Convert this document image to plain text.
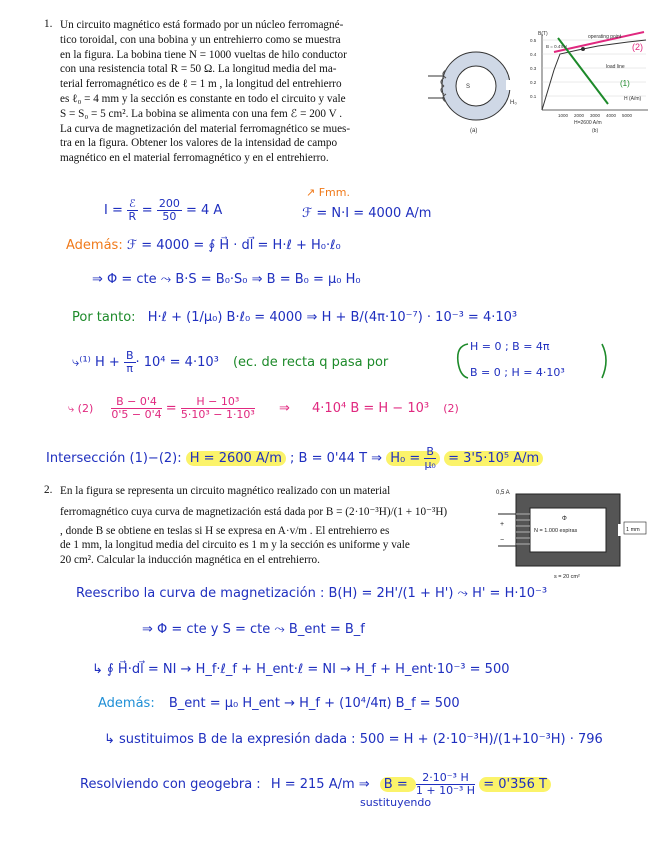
1. Un circuito magnético está formado por un núcleo ferromagné-
tico toroidal, con una bobina y un entrehierro como se muestra
en la figura. La bobina tiene N = 1000 vueltas de hilo conductor
con una resistencia total R = 50 Ω. La longitud media del ma-
terial ferromagnético es de ℓ = 1 m , la longitud del entrehierro
es ℓ₀ = 4 mm y la sección es constante en todo el circuito y vale
S = S₀ = 5 cm². La bobina se alimenta con una fem ℰ = 200 V .
La curva de magnetización del material ferromagnético se mues-
tra en la figura. Obtener los valores de la intensidad de campo
magnético en el material ferromagnético y en el entrehierro.
S
H₀
(a)
B(T)	operating point
B = 0.4πH
load line
H (A/m)
1000 2000 3000 4000 5000
0.5
0.4
0.3
0.2
0.1
H=2600 A/m
(b)
(1)
(2)
↗ Fmm.
$I = \frac{\text{ℰ}}{R} = \frac{200}{50} = 4$ A	ℱ = N·I = 4000 A/m
Además: ℱ = 4000 = ∮ H⃗ · dl⃗ = H·ℓ + H₀·ℓ₀
⇒ Φ = cte ⤳ B·S = B₀·S₀ ⇒ B = B₀ = μ₀ H₀
Por tanto: H·ℓ + (1/μ₀) B·ℓ₀ = 4000 ⇒ H + B/(4π·10⁻⁷) · 10⁻³ = 4·10³
⤷⁽¹⁾ $H + \frac{B}{\pi} \cdot 10^4 = 4\cdot 10^3$ (ec. de recta q pasa por
H = 0 ; B = 4π
B = 0 ; H = 4·10³
⤷ $(2) \frac{B - 0'4}{0'5 - 0'4} = \frac{\text{H − 10³}}{\text{5·10³ − 1·10³}}$ ⇒ 4·10⁴ B = H − 10³ (2)
Intersección (1)−(2): H = 2600 A/m ; B = 0'44 T ⇒ $H_0 = \frac{B}{\text{μ₀}} = 3'5\cdot 10^5$ A/m
2. En la figura se representa un circuito magnético realizado con un material
ferromagnético cuya curva de magnetización está dada por B = (2·10⁻³H)/(1 + 10⁻³H)
, donde B se obtiene en teslas si H se expresa en A·v/m . El entrehierro es
de 1 mm, la longitud media del circuito es 1 m y la sección es uniforme y vale
20 cm². Calcular la inducción magnética en el entrehierro.
0,5 A
Φ
N = 1.000 espiras
+
−
1 mm
s = 20 cm²
Reescribo la curva de magnetización : B(H) = 2H'/(1 + H') ⤳ H' = H·10⁻³
⇒ Φ = cte y S = cte ⤳ B_ent = B_f
↳ ∮ H⃗·dl⃗ = NI → H_f·ℓ_f + H_ent·ℓ = NI → H_f + H_ent·10⁻³ = 500
Además: B_ent = μ₀ H_ent → H_f + (10⁴/4π) B_f = 500
↳ sustituimos B de la expresión dada : 500 = H + (2·10⁻³H)/(1+10⁻³H) · 796
Resolviendo con geogebra : H = 215 A/m ⇒ $B = \frac{\text{2·10⁻³ H}}{\text{1 + 10⁻³ H}} = 0'356$ T
sustituyendo
